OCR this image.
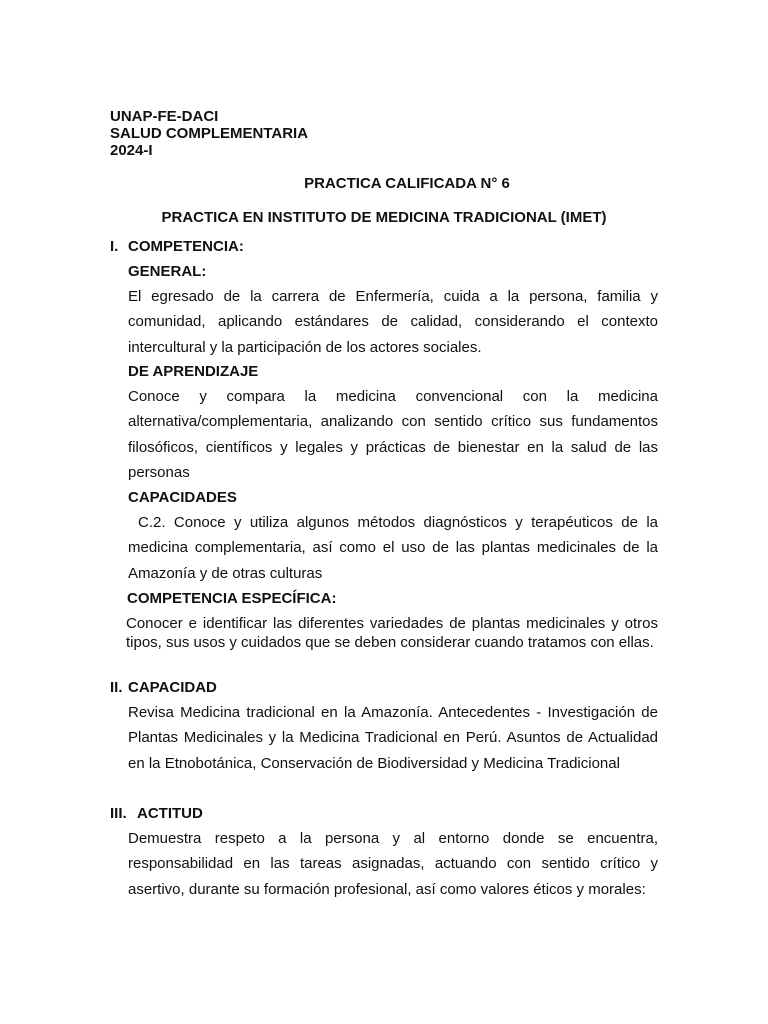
UNAP-FE-DACI
SALUD COMPLEMENTARIA
2024-I
PRACTICA CALIFICADA N° 6
PRACTICA EN INSTITUTO DE MEDICINA TRADICIONAL (IMET)
I. COMPETENCIA:
GENERAL:
El egresado de la carrera de Enfermería, cuida a la persona, familia y comunidad, aplicando estándares de calidad, considerando el contexto intercultural y la participación de los actores sociales.
DE APRENDIZAJE
Conoce y compara la medicina convencional con la medicina alternativa/complementaria, analizando con sentido crítico sus fundamentos filosóficos, científicos y legales y prácticas de bienestar en la salud de las personas
CAPACIDADES
C.2. Conoce y utiliza algunos métodos diagnósticos y terapéuticos de la medicina complementaria, así como el uso de las plantas medicinales de la Amazonía y de otras culturas
COMPETENCIA ESPECÍFICA:
Conocer e identificar las diferentes variedades de plantas medicinales y otros tipos, sus usos y cuidados que se deben considerar cuando tratamos con ellas.
II. CAPACIDAD
Revisa Medicina tradicional en la Amazonía. Antecedentes - Investigación de Plantas Medicinales y la Medicina Tradicional en Perú. Asuntos de Actualidad en la Etnobotánica, Conservación de Biodiversidad y Medicina Tradicional
III. ACTITUD
Demuestra respeto a la persona y al entorno donde se encuentra, responsabilidad en las tareas asignadas, actuando con sentido crítico y asertivo, durante su formación profesional, así como valores éticos y morales:
